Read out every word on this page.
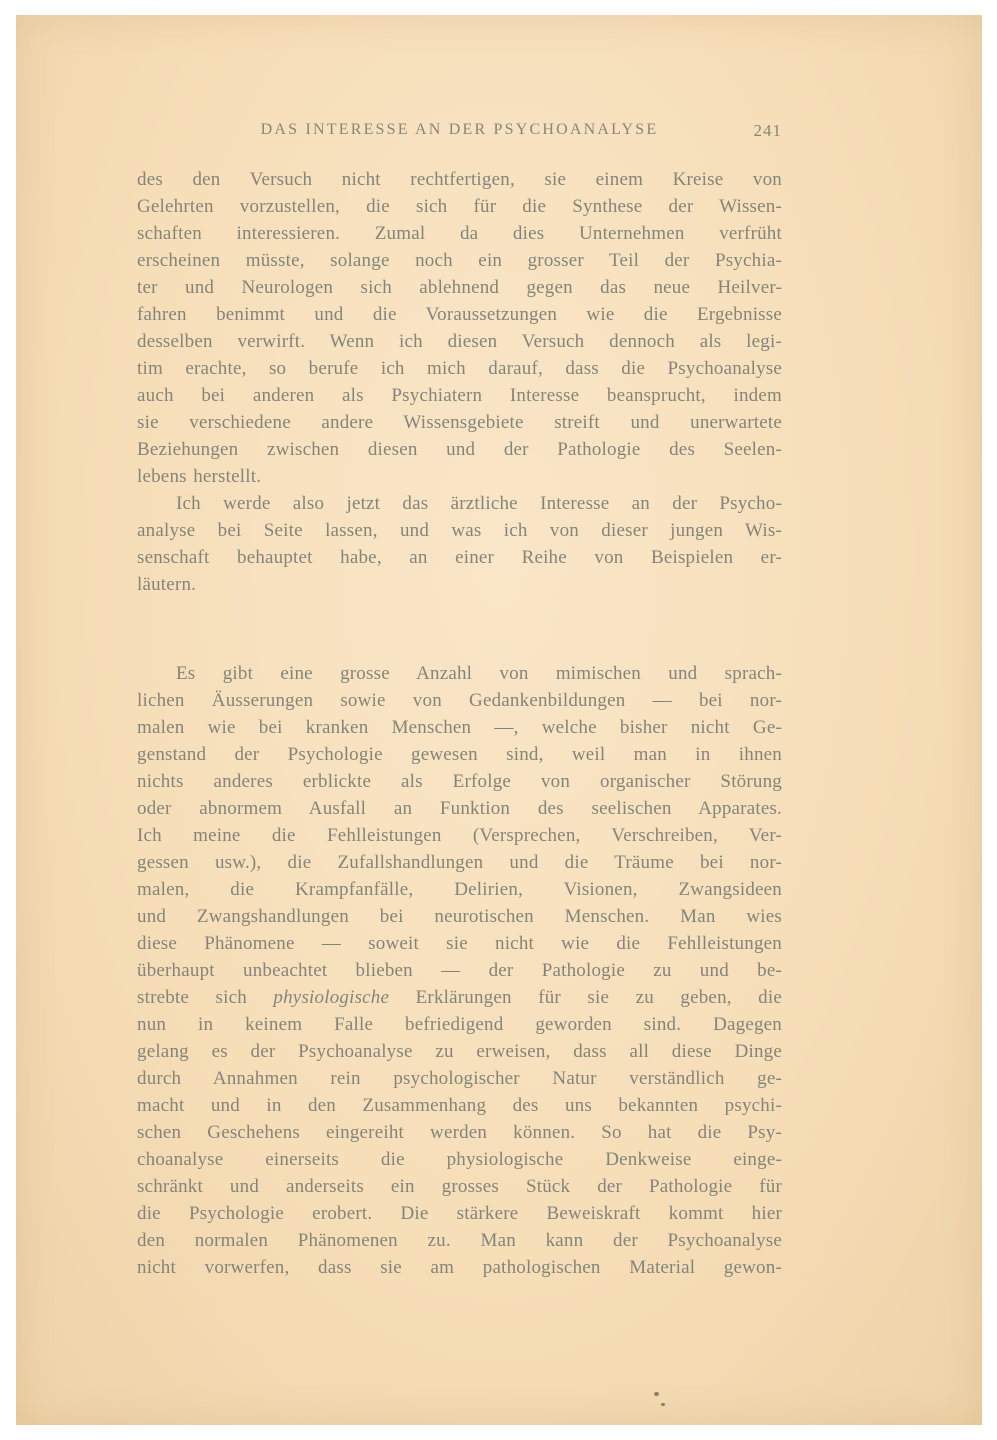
DAS INTERESSE AN DER PSYCHOANALYSE	241
des den Versuch nicht rechtfertigen, sie einem Kreise von
Gelehrten vorzustellen, die sich für die Synthese der Wissen-
schaften interessieren. Zumal da dies Unternehmen verfrüht
erscheinen müsste, solange noch ein grosser Teil der Psychia-
ter und Neurologen sich ablehnend gegen das neue Heilver-
fahren benimmt und die Voraussetzungen wie die Ergebnisse
desselben verwirft. Wenn ich diesen Versuch dennoch als legi-
tim erachte, so berufe ich mich darauf, dass die Psychoanalyse
auch bei anderen als Psychiatern Interesse beansprucht, indem
sie verschiedene andere Wissensgebiete streift und unerwartete
Beziehungen zwischen diesen und der Pathologie des Seelen-
lebens herstellt.
Ich werde also jetzt das ärztliche Interesse an der Psycho-
analyse bei Seite lassen, und was ich von dieser jungen Wis-
senschaft behauptet habe, an einer Reihe von Beispielen er-
läutern.
Es gibt eine grosse Anzahl von mimischen und sprach-
lichen Äusserungen sowie von Gedankenbildungen — bei nor-
malen wie bei kranken Menschen —, welche bisher nicht Ge-
genstand der Psychologie gewesen sind, weil man in ihnen
nichts anderes erblickte als Erfolge von organischer Störung
oder abnormem Ausfall an Funktion des seelischen Apparates.
Ich meine die Fehlleistungen (Versprechen, Verschreiben, Ver-
gessen usw.), die Zufallshandlungen und die Träume bei nor-
malen, die Krampfanfälle, Delirien, Visionen, Zwangsideen
und Zwangshandlungen bei neurotischen Menschen. Man wies
diese Phänomene — soweit sie nicht wie die Fehlleistungen
überhaupt unbeachtet blieben — der Pathologie zu und be-
strebte sich physiologische Erklärungen für sie zu geben, die
nun in keinem Falle befriedigend geworden sind. Dagegen
gelang es der Psychoanalyse zu erweisen, dass all diese Dinge
durch Annahmen rein psychologischer Natur verständlich ge-
macht und in den Zusammenhang des uns bekannten psychi-
schen Geschehens eingereiht werden können. So hat die Psy-
choanalyse einerseits die physiologische Denkweise einge-
schränkt und anderseits ein grosses Stück der Pathologie für
die Psychologie erobert. Die stärkere Beweiskraft kommt hier
den normalen Phänomenen zu. Man kann der Psychoanalyse
nicht vorwerfen, dass sie am pathologischen Material gewon-
